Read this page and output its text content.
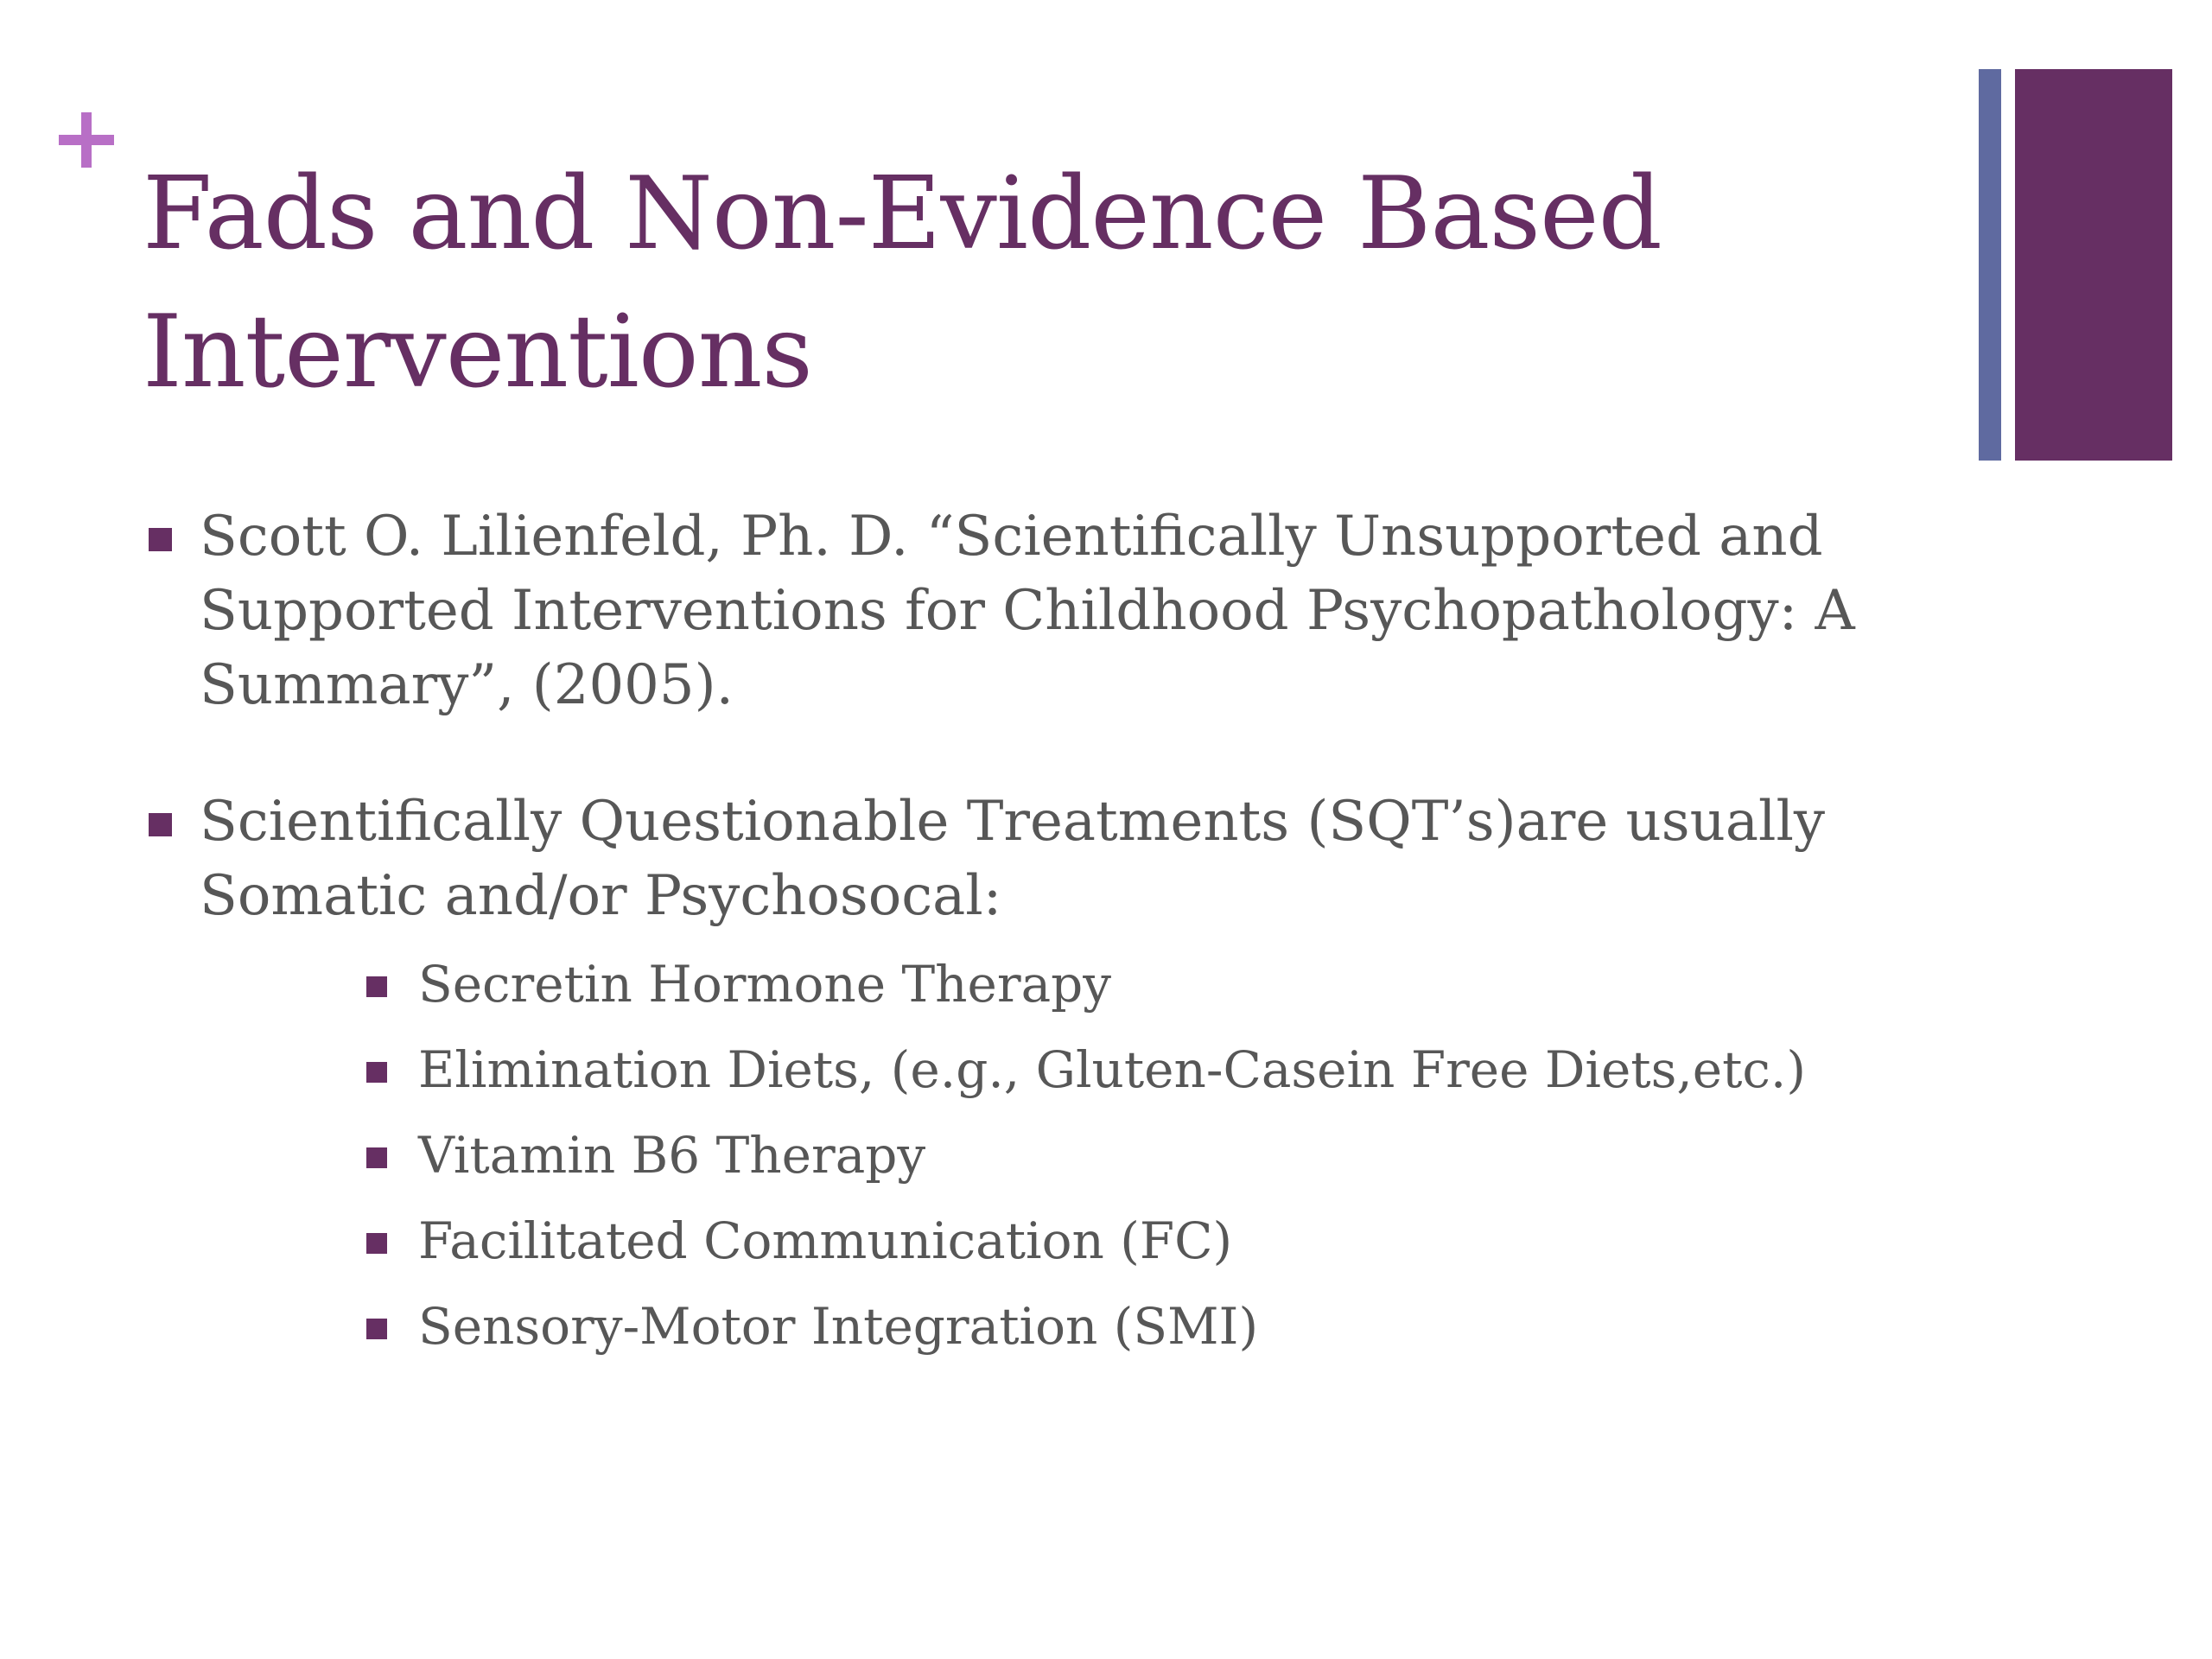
Fads and Non-Evidence Based Interventions
Scott O. Lilienfeld, Ph. D. “Scientifically Unsupported and Supported Interventions for Childhood Psychopathology: A Summary”, (2005).
Scientifically Questionable Treatments (SQT’s)are usually Somatic and/or Psychosocal:
Secretin Hormone Therapy
Elimination Diets, (e.g., Gluten-Casein Free Diets,etc.)
Vitamin B6 Therapy
Facilitated Communication (FC)
Sensory-Motor Integration (SMI)
